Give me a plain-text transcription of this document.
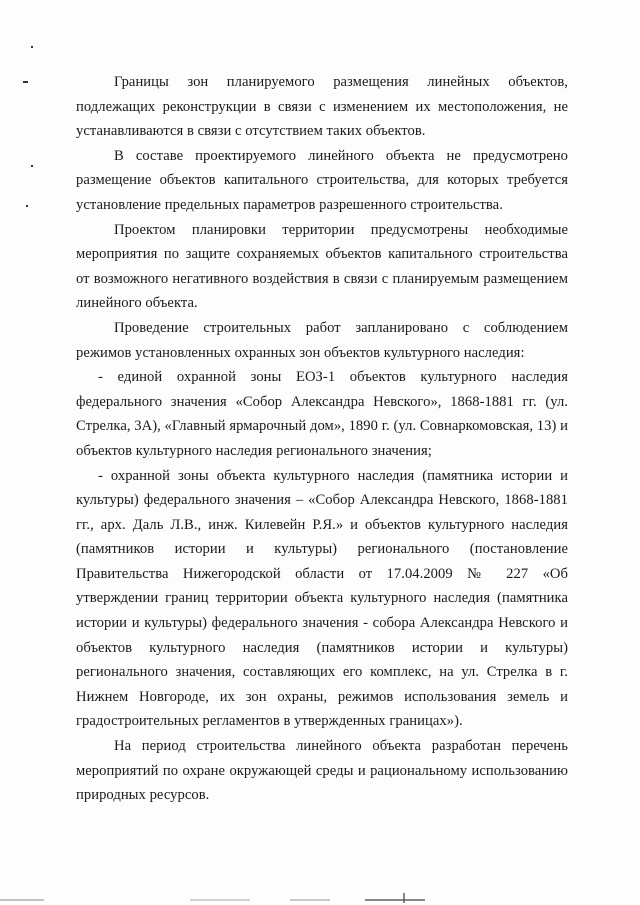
Границы зон планируемого размещения линейных объектов, подлежащих реконструкции в связи с изменением их местоположения, не устанавливаются в связи с отсутствием таких объектов.

В составе проектируемого линейного объекта не предусмотрено размещение объектов капитального строительства, для которых требуется установление предельных параметров разрешенного строительства.

Проектом планировки территории предусмотрены необходимые мероприятия по защите сохраняемых объектов капитального строительства от возможного негативного воздействия в связи с планируемым размещением линейного объекта.

Проведение строительных работ запланировано с соблюдением режимов установленных охранных зон объектов культурного наследия:

- единой охранной зоны ЕОЗ-1 объектов культурного наследия федерального значения «Собор Александра Невского», 1868-1881 гг. (ул. Стрелка, 3А), «Главный ярмарочный дом», 1890 г. (ул. Совнаркомовская, 13) и объектов культурного наследия регионального значения;

- охранной зоны объекта культурного наследия (памятника истории и культуры) федерального значения – «Собор Александра Невского, 1868-1881 гг., арх. Даль Л.В., инж. Килевейн Р.Я.» и объектов культурного наследия (памятников истории и культуры) регионального (постановление Правительства Нижегородской области от 17.04.2009 № 227 «Об утверждении границ территории объекта культурного наследия (памятника истории и культуры) федерального значения - собора Александра Невского и объектов культурного наследия (памятников истории и культуры) регионального значения, составляющих его комплекс, на ул. Стрелка в г. Нижнем Новгороде, их зон охраны, режимов использования земель и градостроительных регламентов в утвержденных границах»).

На период строительства линейного объекта разработан перечень мероприятий по охране окружающей среды и рациональному использованию природных ресурсов.
